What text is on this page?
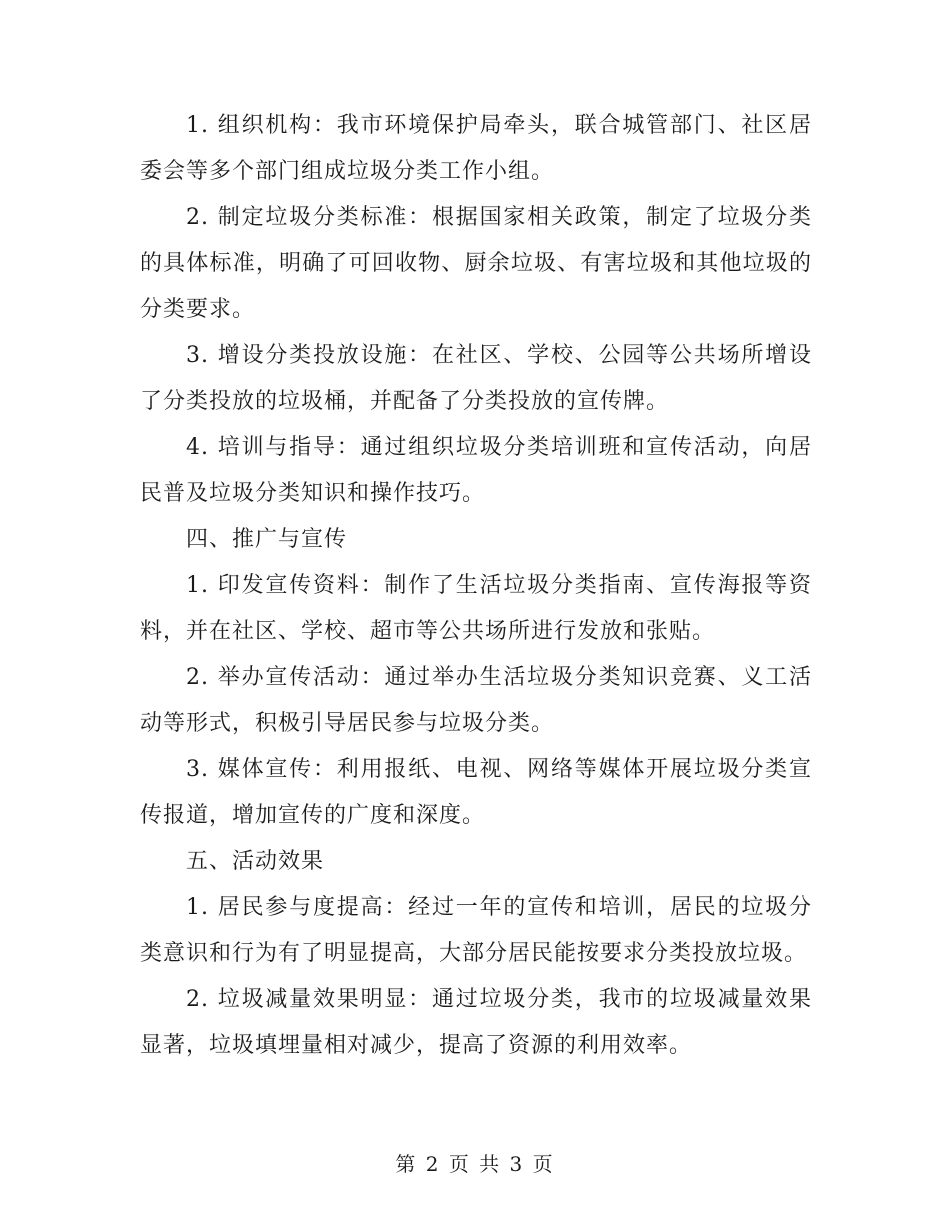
1. 组织机构：我市环境保护局牵头，联合城管部门、社区居委会等多个部门组成垃圾分类工作小组。

2. 制定垃圾分类标准：根据国家相关政策，制定了垃圾分类的具体标准，明确了可回收物、厨余垃圾、有害垃圾和其他垃圾的分类要求。

3. 增设分类投放设施：在社区、学校、公园等公共场所增设了分类投放的垃圾桶，并配备了分类投放的宣传牌。

4. 培训与指导：通过组织垃圾分类培训班和宣传活动，向居民普及垃圾分类知识和操作技巧。

四、推广与宣传

1. 印发宣传资料：制作了生活垃圾分类指南、宣传海报等资料，并在社区、学校、超市等公共场所进行发放和张贴。

2. 举办宣传活动：通过举办生活垃圾分类知识竞赛、义工活动等形式，积极引导居民参与垃圾分类。

3. 媒体宣传：利用报纸、电视、网络等媒体开展垃圾分类宣传报道，增加宣传的广度和深度。

五、活动效果

1. 居民参与度提高：经过一年的宣传和培训，居民的垃圾分类意识和行为有了明显提高，大部分居民能按要求分类投放垃圾。

2. 垃圾减量效果明显：通过垃圾分类，我市的垃圾减量效果显著，垃圾填埋量相对减少，提高了资源的利用效率。

第 2 页 共 3 页
